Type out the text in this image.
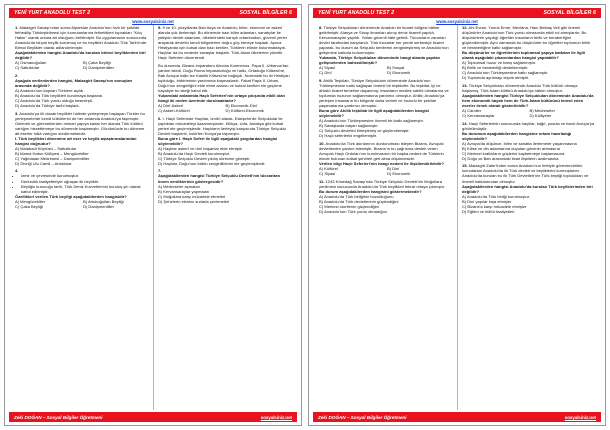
YENİ YURT ANADOLU TEST 2	SOSYAL BİLGİLER 6
www.sosyalciniz.net

1. Malazgirt Savaşı'ndan sonra Alparslan Anadolu'nun hızlı bir şekilde fethedilip Türkleştirilmesi için komutanlarına fethettikleri toprakları "Kılıç Hakkı" olarak onlara ait olduğunu belirtmiştir. Bu uygulamanın sonucunda Anadolu'da birçok beylik kurulmuş ve bu beylikler Anadolu Türk Tarihi'nde Birinci Beylikler olarak adlandırılmıştır.

Aşağıdakilerden hangisi Anadolu'da kurulan birinci beyliklerden biri değildir?

A) Osmanoğulları	B) Çaka Beyliği
C) Saltuklular	D) Danişmentliler

2.

Aşağıda verilenlerden hangisi, Malazgirt Savaşı'nın sonuçları arasında değildir?

A) Anadolu'nun kapıları Türklere açıldı.
B) Anadolu'da Türk beylikleri kurulmaya başlandı.
C) Anadolu'da Türk yurdu olduğu kesinleşti.
D) Anadolu'da Türkiye tarihi başladı.

3. Anadolu'ya ilk olarak beylikler halinde yerleşmeye başlayan Türkler bu yerleşmelerde kendi kültürlerini de her anlamda Anadolu'ya taşımıştır. Gelenek ve göreneklerden mimari yapıya kadar her alanda Türk kültürü varlığını hissettirmeye bu dönemde başlamıştır. Günümüzde bu döneme ait eserler hâlâ varlığını sürdürmektedir.

I. Türk beylikleri dönemine ait eser ve beylik aşlaştırmalarından hangisi doğrudur?

A) Malabadi Köprüsü – Saltuklular
B) Mama Hatun Külliyesi – Mengücekliler
C) Yağıbasan Medresesi – Danişmentliler
D) Divriği Ulu Camii – Artuklular

4.

• İzmir ve çevresinde kurulmuştur.
• Denizcilik faaliyetleriyle uğraşan ilk beyliktir.
• Beyliğin kurucuğu tarih, Türk Deniz Kuvvetlerinin kuruluş yılı olarak kabul edilmiştir.

Özellikleri verilen Türk beyliği aşağıdakilerden hangisidir?

A) Mengücekliler	B) Artukoğulları Beyliği
C) Çaka Beyliği	D) Danişmentliler

5. 9 ve 10. yüzyıllarda Batı Asya ve Anadolu; bilim, ekonomi ve askerî alanda çok ilerlemişti. Bu dönemde bazı bilim adamları, sanatçılar ile yetişkin devlet adamları, ülkelerindeki karışık ortamlardan, güvenli yerler arayarak devletin kendi bölgelerine doğru göç etmeye başladı. Aynca Hristiyanlar için kutsal olan bazı kentler, Türklerin elinde bulunmaktaydı. Haçlılar da bu nedenle savaşlar başlattı. Türk-İslam ülkelerine yönelik Haçlı Seferleri düzenlendi.

Bu durumda, Bizans imparatoru Alexios Komnenos, Papa II. Urbanus'tan yardım istedi. Doğu Roma İmparatorluğu ve halkı, Ortadoğu Kilisesi'ne, Batı Avrupa halkı ise Katolik Kilisesi'ne bağlıydı. Normalde bu iki Hristiyan topluluğu, birbirlerinin yardımına koşmazlardı. Fakat Papa II. Urban, Doğu'nun zenginliğini elde etme arzusu ve kutsal kentleri ele geçirme hayaliyle bu isteği kabul etti.

Yukarıdaki anlatımda Haçlı Seferleri'nin ortaya çıkışında etkili olan hangi iki neden üzerinde durulmaktadır?

A) Dinî-Askerî	B) Ekonomik-Dinî
C) Askerî-Kültürel	D) Kültürel-Ekonomik

6. I. Haçlı Seferinde Haçlılar, İznik'i alarak, Eskişehir'de Selçuklular ile yaptıkları mücadeleyi kazanmışlardır. Kilikya, Urfa, Antakya gibi kutsal yerleri ele geçirmişlerdir. Haçlıların ilerleyişi karşısında Türkiye Selçuklu Devleti başkenti, İznik'ten Konya'ya taşımıştır.

Buna göre I. Haçlı Seferi ile ilgili aşağıdaki yargılardan hangisi söylenebilir?

A) Haçlılar askerî ve dinî başarılar elde etmiştir.
B) Anadolu'da Haçlı Devleti kurulmuştur.
C) Türkiye Selçuklu Devleti yıkılış sürecine girmiştir.
D) Haçlılar, Doğu'nun bütün zenginliklerini ele geçirmişlerdir.

7.

Aşağıdakilerden hangisi Türkiye Selçuklu Devleti'nin tüccarlara önem verdiklerinin göstergesidir?

A) Medreseler açmaları
B) Kervansaraylar yapmaları
C) Moğollara karşı mücadele etmeleri
D) Şehirlerin etrafını surlarla çevirmeleri
Zeki DOĞAN – Sosyal Bilgiler Öğretmeni	sosyalciniz.net
YENİ YURT ANADOLU TEST 2	SOSYAL BİLGİLER 6
www.sosyalciniz.net

8. Türkiye Selçukluları döneminde Anadolu bir ticaret bölgesi hâline getirilmiştir. Alanya ve Sinop limanları alınıp deniz ticareti yapıldı. Kervansaraylar yapıldı. Yolları güvenli hâle getirdi. Tüccarların zararları devlet tarafından karşılandı. Türk tüccarlar her yerde serbestçe ticaret yaparak, bu durum da Selçuklu kentlerini zenginleştirmiş ve Anadolu'nun gelişimine katkıda bulunmuştur.

Yukarıda, Türkiye Selçukluları döneminde hangi alanda yapılan gelişmelerden bahsedilmiştir?

A) Siyasî	B) Sosyal
C) Dinî	D) Ekonomik

9. Ahilik Teşkilatı, Türkiye Selçukluları döneminde Anadolu'nun Türkleşmesine katkı sağlayan önemli bir teşkilattır. Bu teşkilat, iyi ve ahlaklı ticaret temeline dayanmış; insanların meslek sahibi olmalarına ve toplumda huzurun sağlanmasına yardımcı olmuştur. Ahilik; Anadolu'ya yerleşen insanların bu bölgede daha verimli ve huzurlu bir şekilde yaşamalarına yardımcı olmuştur.

Buna göre Ahilik teşkilatı ile ilgili aşağıdakilerden hangisi söylenebilir?

A) Anadolu'nun Türkleşmesine önemli bir katkı sağlamıştır.
B) Savaşlarda başarı sağlamıştır.
C) Selçuklu devletini birleştirmiş ve güçlendirmiştir.
D) Haçlı seferlerini engellemiştir.

10. Anadolu'da Türk akınlarının durdurulması isteyen Bizans, Avrupalı devletlerden yardım istemiştir. Bizans'ın bu çağrısına destek veren Avrupalı Haçlı Orduları'nın kurulmasının bir başka nedeni de Türklerin elinde bulunan kutsal şehirleri geri alma düşüncesidir.

Verilen bilgi Haçlı Seferleri'nin hangi nedeni ile ilişkilendirilebilir?

A) Kültürel	B) Dinî
C) Siyasî	D) Ekonomik

11. 1243 Kösedağ Savaşı'nda Türkiye Selçuklu Devleti'nin Moğollara yenilmesi sonucunda Anadolu'da Türk beylikleri tekrar ortaya çıkmıştır.

Bu durum aşağıdakilerden hangisini göstermektedir?

A) Anadolu'da Türk birliğinin bozulduğunu
B) Anadolu'da Türk devletlerinin güçlendiğini
C) Merkezi otoritenin güçlendiğini
D) Anadolu'nun Türk yurdu olmadığını

12. Ahi Evran, Yunus Emre, Mevlâna, Hacı Bektaş Veli gibi önemli düşünürler Anadolu'nun Türk yurdu olmasında etkili rol almışlardır. Bu düşünürlerin yaydığı öğretiler insanların birlik ve beraberliğini güçlendirmiştir. Aynı zamanda bu düşünürler bu öğretiler toplumun birlik ve beraberliğine katkı sağlamıştır.

Bu düşünürler ve öğretilerinin toplumsal yapıya katkıları ile ilgili olarak aşağıdaki çıkarımlardan hangisi yapılabilir?

A) Toplumsal huzur ve barış sağlanmıştır.
B) Birlik ve beraberliği desteklemiştir.
C) Anadolu'nun Türkleşmesine katkı sağlamıştır.
D) Toplumda ayrılmayı teşvik etmiştir.

13. Türkiye Selçukluları döneminde Anadolu Türk kültürü olmaya başlamış, Türk-İslam kültürü Anadolu'ya hâkim olmuştur.

Aşağıdakilerden hangisi Türkiye Selçukluları döneminde Anadolu'da hem ekonomik hayatı hem de Türk-İslam kültürünü temsil eden eserler örnek olarak gösterilebilir?

A) Camiler	B) Medreseler
C) Kervansaraylar	D) Külliyeler

14. Haçlı Seferlerinin sonucunda haçlılar, kağıt, pusula ve barut Avrupa'ya götürülmüştür.

Bu durumun aşağıdakilerden hangisine ortam hazırladığı söylenebilir?

A) Avrupa'da düşünce, bilim ve sanatta ilerlemeler yaşanmasına
B) Kilise ve din adamlarına duyulan güvenin artmasına
C) Merkezi krallıkların güçlerini kaybetmeye başlamasına
D) Doğu ve Batı arasındaki ticari ilişkilerin azalmasına

15. Malazgirt Zaferi'nden sonra Anadolu'nun fethiyle görevlendirilen komutanlar Anadolu'da ilk Türk devleti ve beyliklerini kurmuşlardır. Anadolu'da kurulan bu ilk Türk Devletleri'nin Türk beyliği toplulukları ve önemli katkılarından olmuştur.

Aşağıdakilerden hangisi Anadolu'da kurulan Türk beyliklerinden biri değildir?

A) Anadolu'da Türk birliği kurulmuştur.
B) Dinî yapılar inşa etmişler
C) Bizans'a karşı mücadele etmişler
D) Eğitim ve kültür faaliyetleri
Zeki DOĞAN – Sosyal Bilgiler Öğretmeni	sosyalciniz.net
